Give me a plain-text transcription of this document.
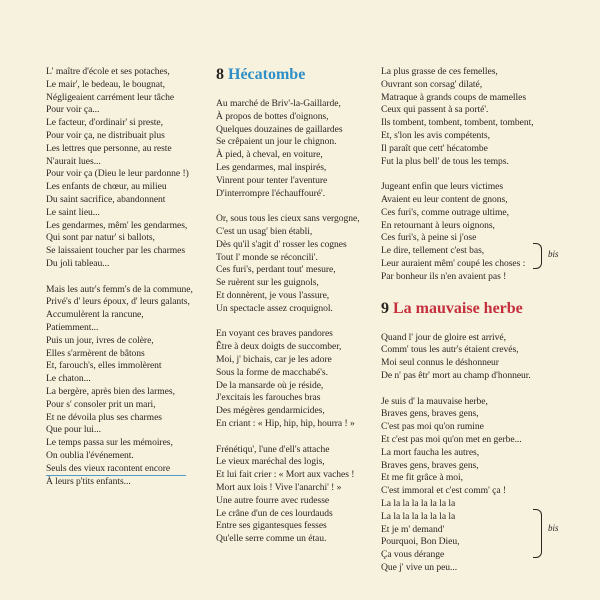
L' maître d'école et ses potaches,
Le mair', le bedeau, le bougnat,
Négligeaient carrément leur tâche
Pour voir ça...
Le facteur, d'ordinair' si preste,
Pour voir ça, ne distribuait plus
Les lettres que personne, au reste
N'aurait lues...
Pour voir ça (Dieu le leur pardonne !)
Les enfants de chœur, au milieu
Du saint sacrifice, abandonnent
Le saint lieu...
Les gendarmes, mêm' les gendarmes,
Qui sont par natur' si ballots,
Se laissaient toucher par les charmes
Du joli tableau...
Mais les autr's femm's de la commune,
Privé's d' leurs époux, d' leurs galants,
Accumulèrent la rancune,
Patiemment...
Puis un jour, ivres de colère,
Elles s'armèrent de bâtons
Et, farouch's, elles immolèrent
Le chaton...
La bergère, après bien des larmes,
Pour s' consoler prit un mari,
Et ne dévoila plus ses charmes
Que pour lui...
Le temps passa sur les mémoires,
On oublia l'événement.
Seuls des vieux racontent encore
À leurs p'tits enfants...
8 Hécatombe
Au marché de Briv'-la-Gaillarde,
À propos de bottes d'oignons,
Quelques douzaines de gaillardes
Se crêpaient un jour le chignon.
À pied, à cheval, en voiture,
Les gendarmes, mal inspirés,
Vinrent pour tenter l'aventure
D'interrompre l'échauffouré'.
Or, sous tous les cieux sans vergogne,
C'est un usag' bien établi,
Dès qu'il s'agit d' rosser les cognes
Tout l' monde se réconcili'.
Ces furi's, perdant tout' mesure,
Se ruèrent sur les guignols,
Et donnèrent, je vous l'assure,
Un spectacle assez croquignol.
En voyant ces braves pandores
Être à deux doigts de succomber,
Moi, j' bichais, car je les adore
Sous la forme de macchabé's.
De la mansarde où je réside,
J'excitais les farouches bras
Des mégères gendarmicides,
En criant : « Hip, hip, hip, hourra ! »
Frénétiqu', l'une d'ell's attache
Le vieux maréchal des logis,
Et lui fait crier : « Mort aux vaches !
Mort aux lois ! Vive l'anarchi' ! »
Une autre fourre avec rudesse
Le crâne d'un de ces lourdauds
Entre ses gigantesques fesses
Qu'elle serre comme un étau.
La plus grasse de ces femelles,
Ouvrant son corsag' dilaté,
Matraque à grands coups de mamelles
Ceux qui passent à sa porté'.
Ils tombent, tombent, tombent, tombent,
Et, s'lon les avis compétents,
Il paraît que cett' hécatombe
Fut la plus bell' de tous les temps.
Jugeant enfin que leurs victimes
Avaient eu leur content de gnons,
Ces furi's, comme outrage ultime,
En retournant à leurs oignons,
Ces furi's, à peine si j'ose
Le dire, tellement c'est bas,
Leur auraient mêm' coupé les choses :
Par bonheur ils n'en avaient pas !
9 La mauvaise herbe
Quand l' jour de gloire est arrivé,
Comm' tous les autr's étaient crevés,
Moi seul connus le déshonneur
De n' pas êtr' mort au champ d'honneur.
Je suis d' la mauvaise herbe,
Braves gens, braves gens,
C'est pas moi qu'on rumine
Et c'est pas moi qu'on met en gerbe...
La mort faucha les autres,
Braves gens, braves gens,
Et me fit grâce à moi,
C'est immoral et c'est comm' ça !
La la la la la la la la
La la la la la la la la
Et je m' demand'
Pourquoi, Bon Dieu,
Ça vous dérange
Que j' vive un peu...
bis
bis
